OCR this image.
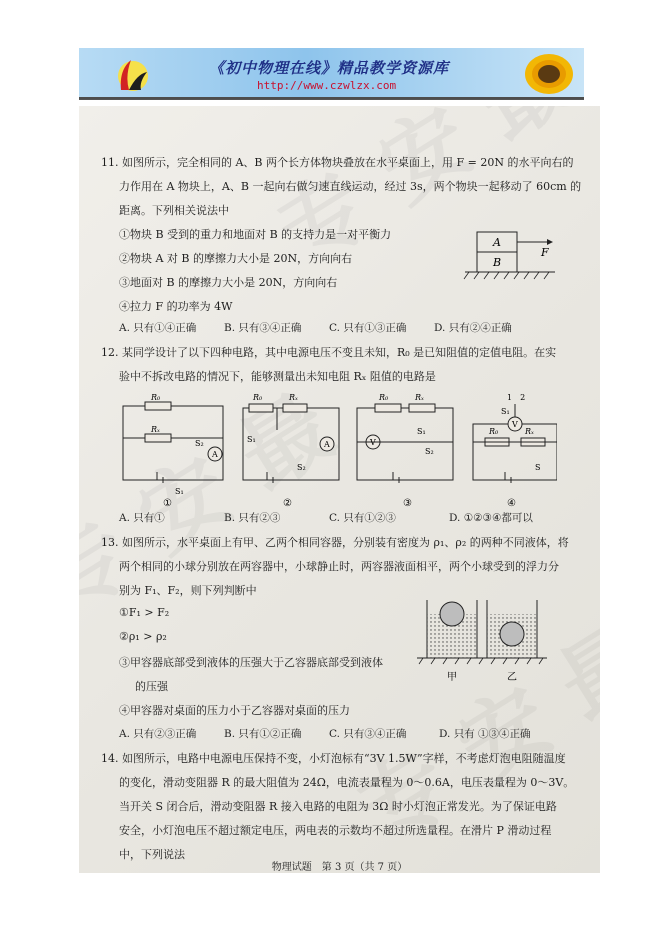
《初中物理在线》精品教学资源库
http://www.czwlzx.com
11. 如图所示，完全相同的 A、B 两个长方体物块叠放在水平桌面上，用 F = 20N 的水平向右的
力作用在 A 物块上，A、B 一起向右做匀速直线运动，经过 3s，两个物块一起移动了 60cm 的
距离。下列相关说法中
①物块 B 受到的重力和地面对 B 的支持力是一对平衡力
②物块 A 对 B 的摩擦力大小是 20N，方向向右
③地面对 B 的摩擦力大小是 20N，方向向右
④拉力 F 的功率为 4W
A. 只有①④正确	B. 只有③④正确	C. 只有①③正确	D. 只有②④正确
A
B
F
12. 某同学设计了以下四种电路，其中电源电压不变且未知，R₀ 是已知阻值的定值电阻。在实
验中不拆改电路的情况下，能够测量出未知电阻 Rₓ 阻值的电路是
R₀
Rₓ
A
S₂
S₁
①
R₀	Rₓ
A
S₁
S₂
②
R₀	Rₓ
V
S₁
S₂
③
1　2
S₁
V
R₀	Rₓ
S
④
A. 只有①	B. 只有②③	C. 只有①②③	D. ①②③④都可以
13. 如图所示，水平桌面上有甲、乙两个相同容器，分别装有密度为 ρ₁、ρ₂ 的两种不同液体，将
两个相同的小球分别放在两容器中，小球静止时，两容器液面相平，两个小球受到的浮力分
别为 F₁、F₂，则下列判断中
①F₁ > F₂
②ρ₁ > ρ₂
③甲容器底部受到液体的压强大于乙容器底部受到液体
的压强
④甲容器对桌面的压力小于乙容器对桌面的压力
A. 只有②③正确	B. 只有①②正确	C. 只有③④正确	D. 只有 ①③④正确
甲	乙
14. 如图所示，电路中电源电压保持不变，小灯泡标有“3V 1.5W”字样，不考虑灯泡电阻随温度
的变化，滑动变阻器 R 的最大阻值为 24Ω，电流表量程为 0～0.6A，电压表量程为 0～3V。
当开关 S 闭合后，滑动变阻器 R 接入电路的电阻为 3Ω 时小灯泡正常发光。为了保证电路
安全，小灯泡电压不超过额定电压，两电表的示数均不超过所选量程。在滑片 P 滑动过程
中，下列说法
物理试题　第 3 页（共 7 页）
